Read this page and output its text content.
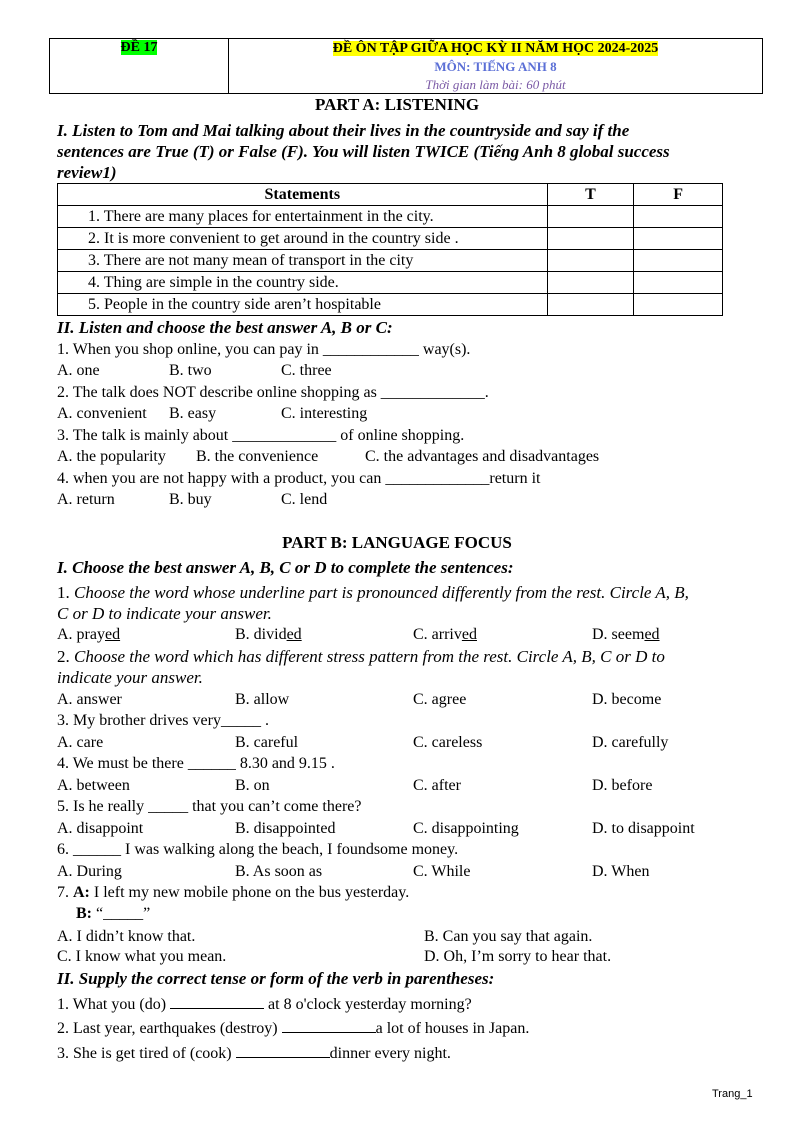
ĐỀ 17	ĐỀ ÔN TẬP GIỮA HỌC KỲ II NĂM HỌC 2024-2025
MÔN: TIẾNG ANH 8
Thời gian làm bài: 60 phút
PART A: LISTENING
I. Listen to Tom and Mai talking about their lives in the countryside and say if the
sentences are True (T) or False (F). You will listen TWICE (Tiếng Anh 8 global success
review1)
Statements	T	F
1. There are many places for entertainment in the city.		
2. It is more convenient to get around in the country side .		
3. There are not many mean of transport in the city		
4. Thing are simple in the country side.		
5. People in the country side aren’t hospitable		
II. Listen and choose the best answer A, B or C:
1. When you shop online, you can pay in ____________ way(s).
A. one	B. two	C. three
2. The talk does NOT describe online shopping as _____________.
A. convenient B. easy	C. interesting
3. The talk is mainly about _____________ of online shopping.
A. the popularity B. the convenience	C. the advantages and disadvantages
4. when you are not happy with a product, you can _____________return it
A. return	B. buy	C. lend
PART B: LANGUAGE FOCUS
I. Choose the best answer A, B, C or D to complete the sentences:
1. Choose the word whose underline part is pronounced differently from the rest. Circle A, B,
C or D to indicate your answer.
A. prayed	B. divided	C. arrived	D. seemed
2. Choose the word which has different stress pattern from the rest. Circle A, B, C or D to
indicate your answer.
A. answer	B. allow	C. agree	D. become
3. My brother drives very_____ .
A. care	B. careful	C. careless	D. carefully
4. We must be there ______ 8.30 and 9.15 .
A. between	B. on	C. after	D. before
5. Is he really _____ that you can’t come there?
A. disappoint	B. disappointed	C. disappointing	D. to disappoint
6. ______ I was walking along the beach, I foundsome money.
A. During	B. As soon as	C. While	D. When
7. A: I left my new mobile phone on the bus yesterday.
B: “_____”
A. I didn’t know that.	B. Can you say that again.
C. I know what you mean.	D. Oh, I’m sorry to hear that.
II. Supply the correct tense or form of the verb in parentheses:
1. What you (do)	at 8 o'clock yesterday morning?
2. Last year, earthquakes (destroy)	a lot of houses in Japan.
3. She is get tired of (cook)	dinner every night.
Trang_1
